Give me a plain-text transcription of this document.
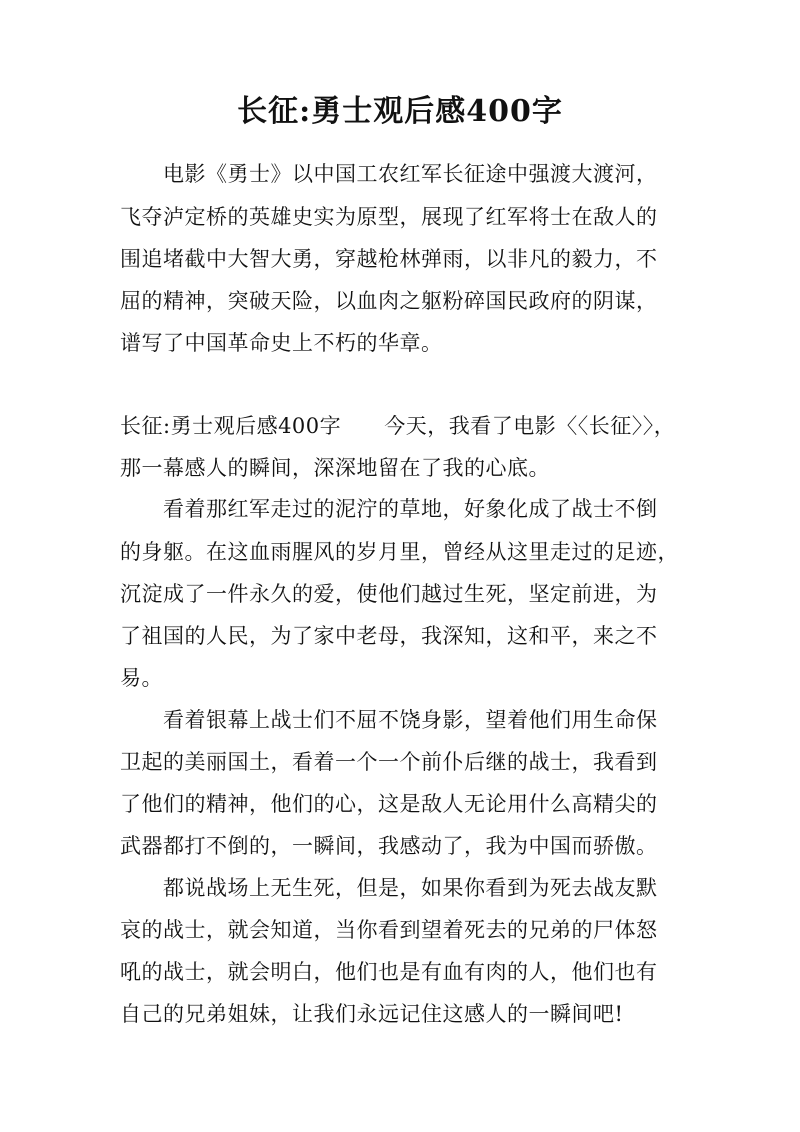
长征:勇士观后感400字
电影《勇士》以中国工农红军长征途中强渡大渡河，
飞夺泸定桥的英雄史实为原型，展现了红军将士在敌人的
围追堵截中大智大勇，穿越枪林弹雨，以非凡的毅力，不
屈的精神，突破天险，以血肉之躯粉碎国民政府的阴谋，
谱写了中国革命史上不朽的华章。
长征:勇士观后感400字      今天，我看了电影〈〈长征〉〉，
那一幕感人的瞬间，深深地留在了我的心底。
看着那红军走过的泥泞的草地，好象化成了战士不倒
的身躯。在这血雨腥风的岁月里，曾经从这里走过的足迹，
沉淀成了一件永久的爱，使他们越过生死，坚定前进，为
了祖国的人民，为了家中老母，我深知，这和平，来之不
易。
看着银幕上战士们不屈不饶身影，望着他们用生命保
卫起的美丽国土，看着一个一个前仆后继的战士，我看到
了他们的精神，他们的心，这是敌人无论用什么高精尖的
武器都打不倒的，一瞬间，我感动了，我为中国而骄傲。
都说战场上无生死，但是，如果你看到为死去战友默
哀的战士，就会知道，当你看到望着死去的兄弟的尸体怒
吼的战士，就会明白，他们也是有血有肉的人，他们也有
自己的兄弟姐妹，让我们永远记住这感人的一瞬间吧!
